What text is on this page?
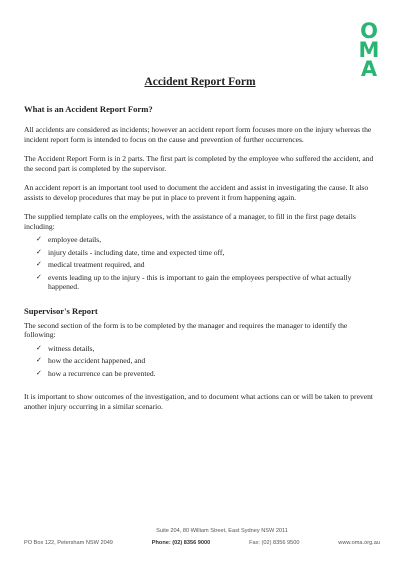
O
M
A
Accident Report Form
What is an Accident Report Form?

All accidents are considered as incidents; however an accident report form focuses more on the injury whereas the incident report form is intended to focus on the cause and prevention of further occurrences.

The Accident Report Form is in 2 parts. The first part is completed by the employee who suffered the accident, and the second part is completed by the supervisor.

An accident report is an important tool used to document the accident and assist in investigating the cause. It also assists to develop procedures that may be put in place to prevent it from happening again.

The supplied template calls on the employees, with the assistance of a manager, to fill in the first page details including:

✓ employee details,
✓ injury details - including date, time and expected time off,
✓ medical treatment required, and
✓ events leading up to the injury - this is important to gain the employees perspective of what actually happened.
Supervisor's Report

The second section of the form is to be completed by the manager and requires the manager to identify the following:

✓ witness details,
✓ how the accident happened, and
✓ how a recurrence can be prevented.

It is important to show outcomes of the investigation, and to document what actions can or will be taken to prevent another injury occurring in a similar scenario.

Suite 204, 80 William Street, East Sydney NSW 2011
PO Box 122, Petersham NSW 2049	Phone: (02) 8356 9000	Fax: (02) 8356 9500	www.oma.org.au
